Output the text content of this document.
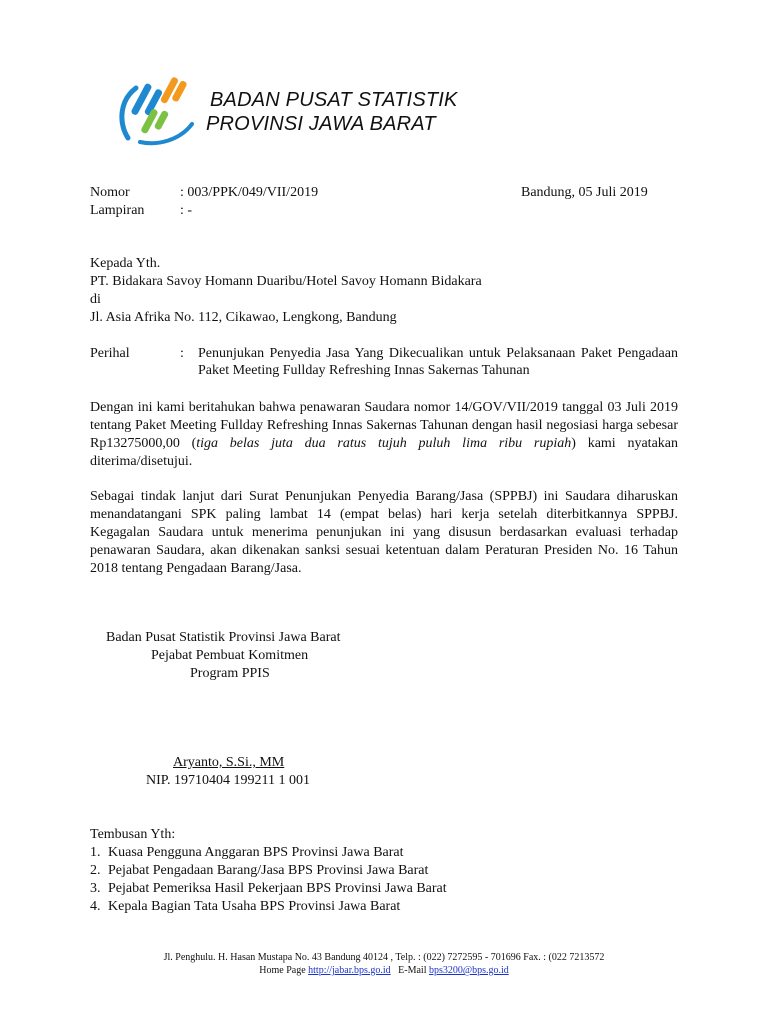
BADAN PUSAT STATISTIK
PROVINSI JAWA BARAT
Nomor	: 003/PPK/049/VII/2019	Bandung, 05 Juli 2019
Lampiran	: -
Kepada Yth.
PT. Bidakara Savoy Homann Duaribu/Hotel Savoy Homann Bidakara
di
Jl. Asia Afrika No. 112, Cikawao, Lengkong, Bandung
Perihal	: Penunjukan Penyedia Jasa Yang Dikecualikan untuk Pelaksanaan Paket Pengadaan Paket Meeting Fullday Refreshing Innas Sakernas Tahunan
Dengan ini kami beritahukan bahwa penawaran Saudara nomor 14/GOV/VII/2019 tanggal 03 Juli 2019 tentang Paket Meeting Fullday Refreshing Innas Sakernas Tahunan dengan hasil negosiasi harga sebesar Rp13275000,00 (tiga belas juta dua ratus tujuh puluh lima ribu rupiah) kami nyatakan diterima/disetujui.
Sebagai tindak lanjut dari Surat Penunjukan Penyedia Barang/Jasa (SPPBJ) ini Saudara diharuskan menandatangani SPK paling lambat 14 (empat belas) hari kerja setelah diterbitkannya SPPBJ. Kegagalan Saudara untuk menerima penunjukan ini yang disusun berdasarkan evaluasi terhadap penawaran Saudara, akan dikenakan sanksi sesuai ketentuan dalam Peraturan Presiden No. 16 Tahun 2018 tentang Pengadaan Barang/Jasa.
Badan Pusat Statistik Provinsi Jawa Barat
Pejabat Pembuat Komitmen
Program PPIS
Aryanto, S.Si., MM
NIP. 19710404 199211 1 001
Tembusan Yth:
1. Kuasa Pengguna Anggaran BPS Provinsi Jawa Barat
2. Pejabat Pengadaan Barang/Jasa BPS Provinsi Jawa Barat
3. Pejabat Pemeriksa Hasil Pekerjaan BPS Provinsi Jawa Barat
4. Kepala Bagian Tata Usaha BPS Provinsi Jawa Barat
Jl. Penghulu. H. Hasan Mustapa No. 43 Bandung 40124 , Telp. : (022) 7272595 - 701696 Fax. : (022 7213572
Home Page http://jabar.bps.go.id E-Mail bps3200@bps.go.id
